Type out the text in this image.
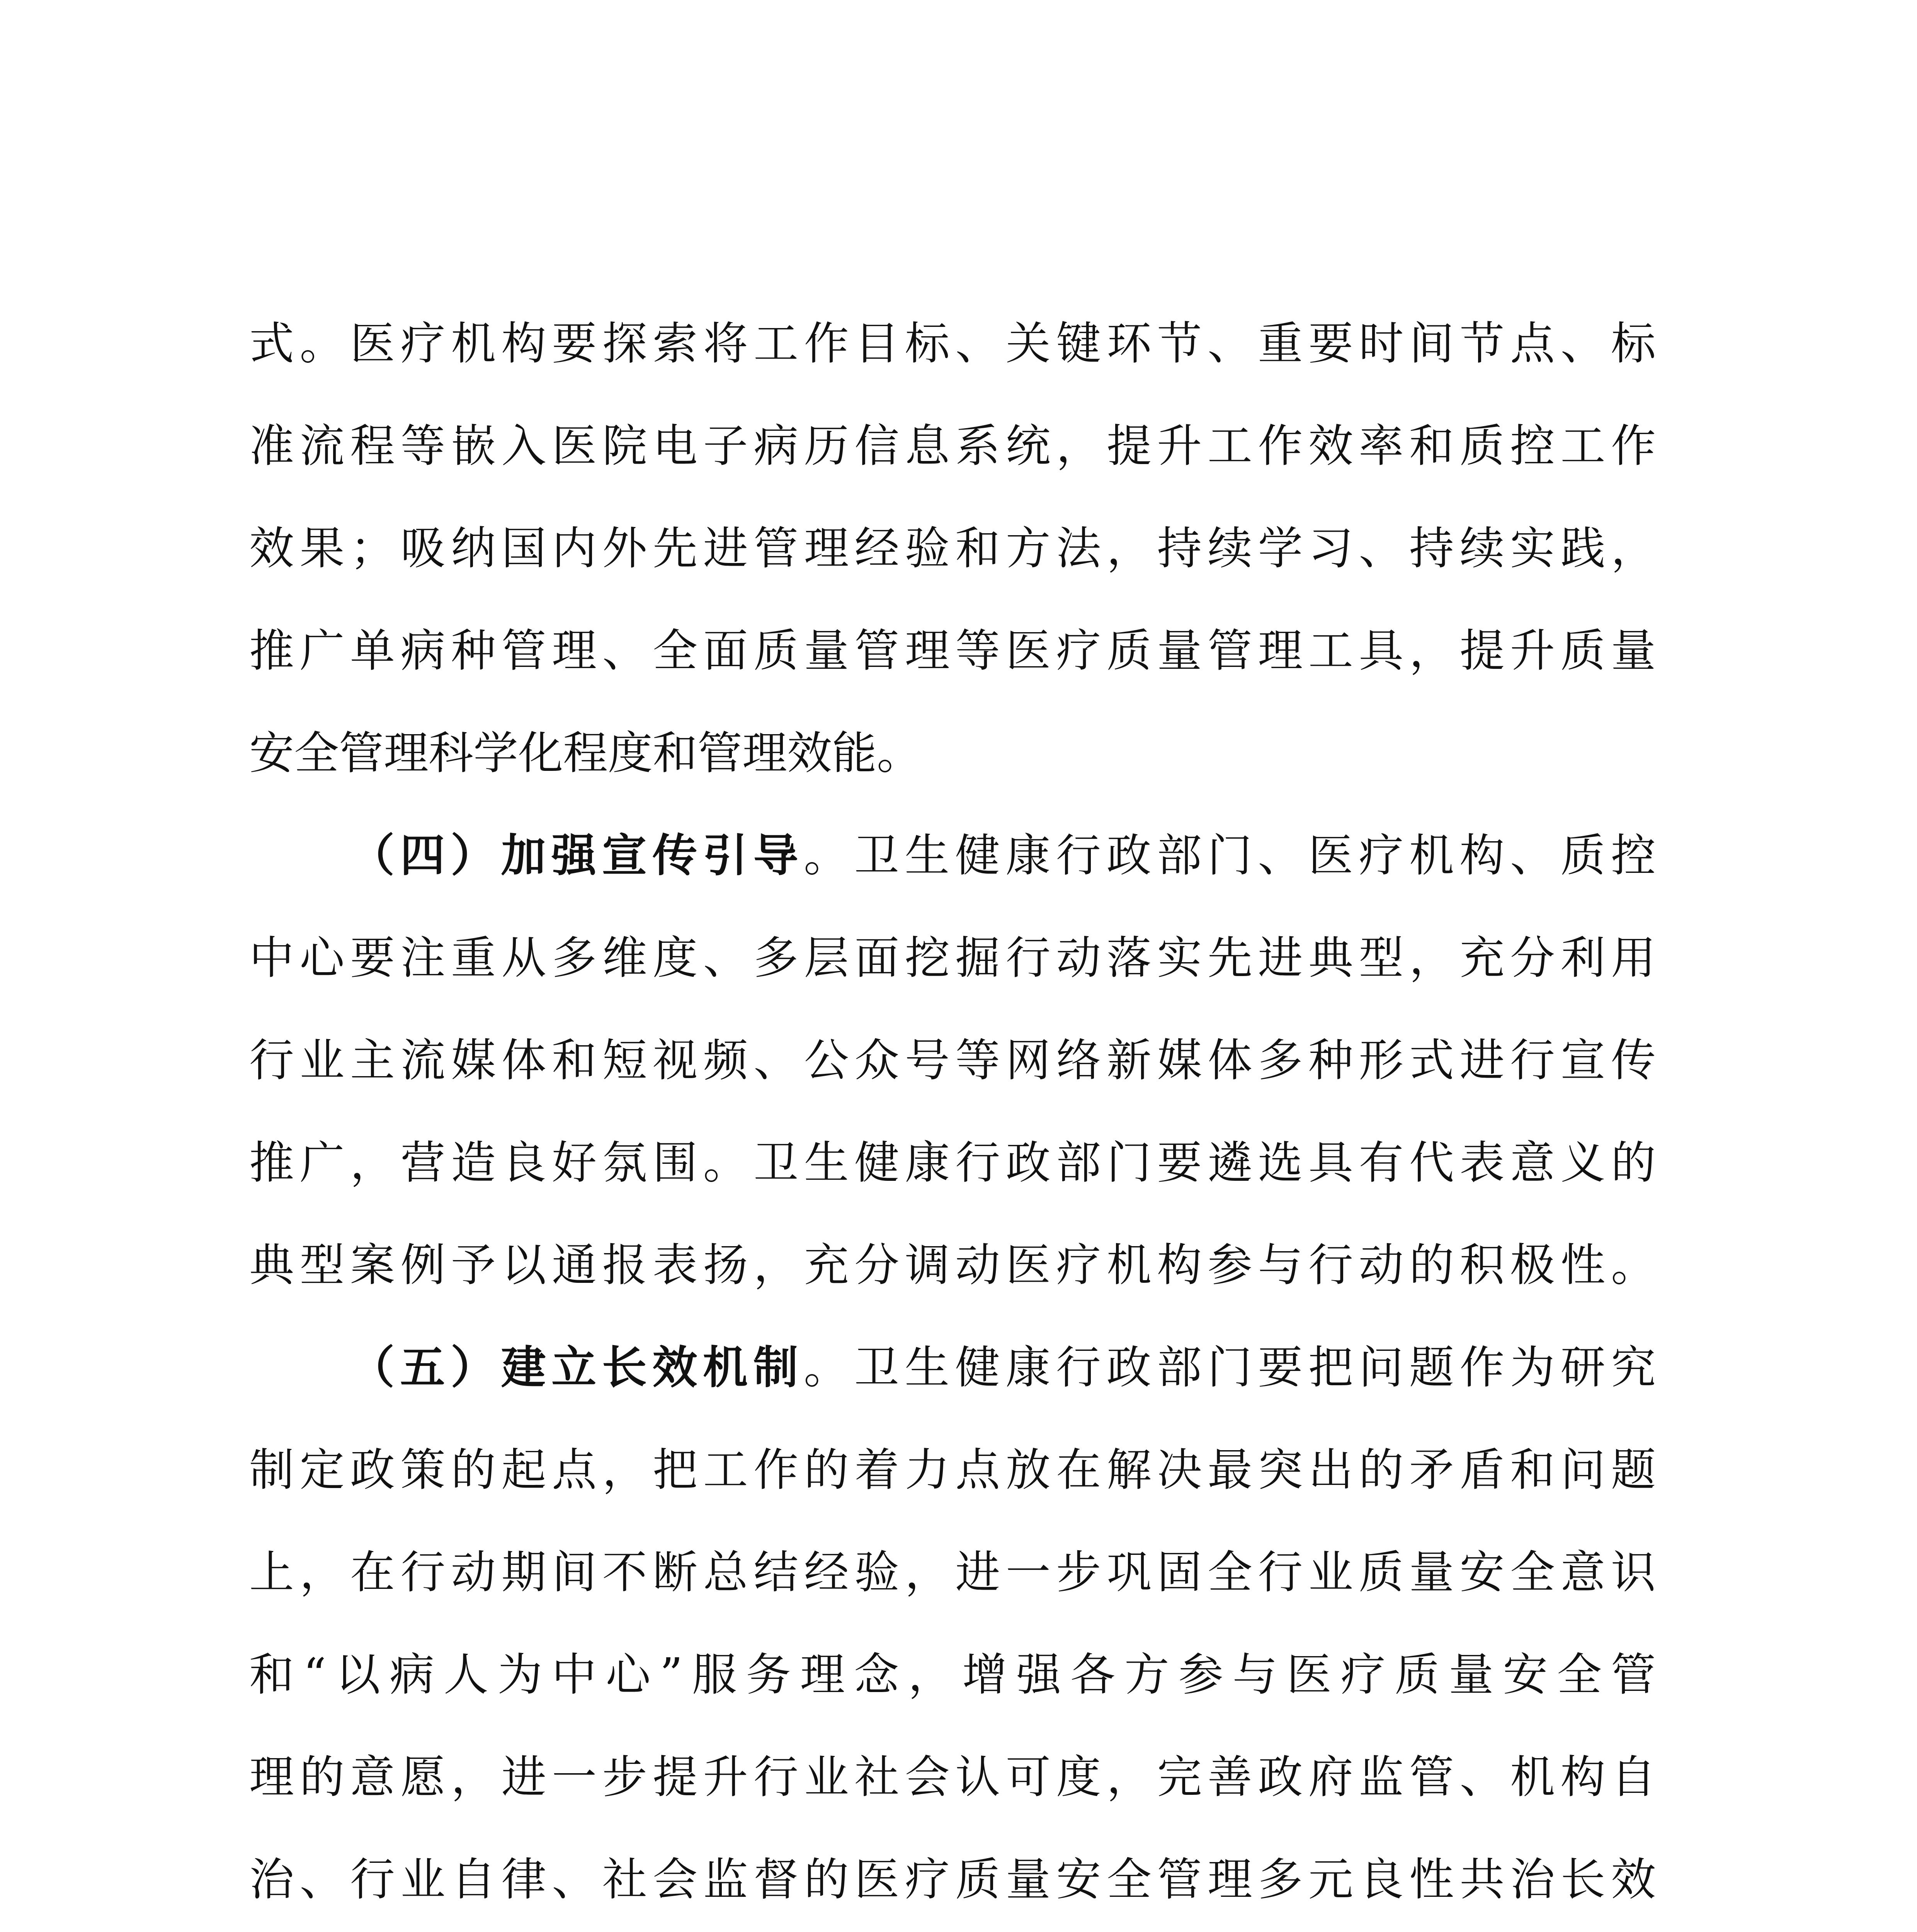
式。医疗机构要探索将工作目标、关键环节、重要时间节点、标
准流程等嵌入医院电子病历信息系统，提升工作效率和质控工作
效果；吸纳国内外先进管理经验和方法，持续学习、持续实践，
推广单病种管理、全面质量管理等医疗质量管理工具，提升质量
安全管理科学化程度和管理效能。
（四）加强宣传引导。卫生健康行政部门、医疗机构、质控
中心要注重从多维度、多层面挖掘行动落实先进典型，充分利用
行业主流媒体和短视频、公众号等网络新媒体多种形式进行宣传
推广，营造良好氛围。卫生健康行政部门要遴选具有代表意义的
典型案例予以通报表扬，充分调动医疗机构参与行动的积极性。
（五）建立长效机制。卫生健康行政部门要把问题作为研究
制定政策的起点，把工作的着力点放在解决最突出的矛盾和问题
上，在行动期间不断总结经验，进一步巩固全行业质量安全意识
和“以病人为中心”服务理念，增强各方参与医疗质量安全管
理的意愿，进一步提升行业社会认可度，完善政府监管、机构自
治、行业自律、社会监督的医疗质量安全管理多元良性共治长效
